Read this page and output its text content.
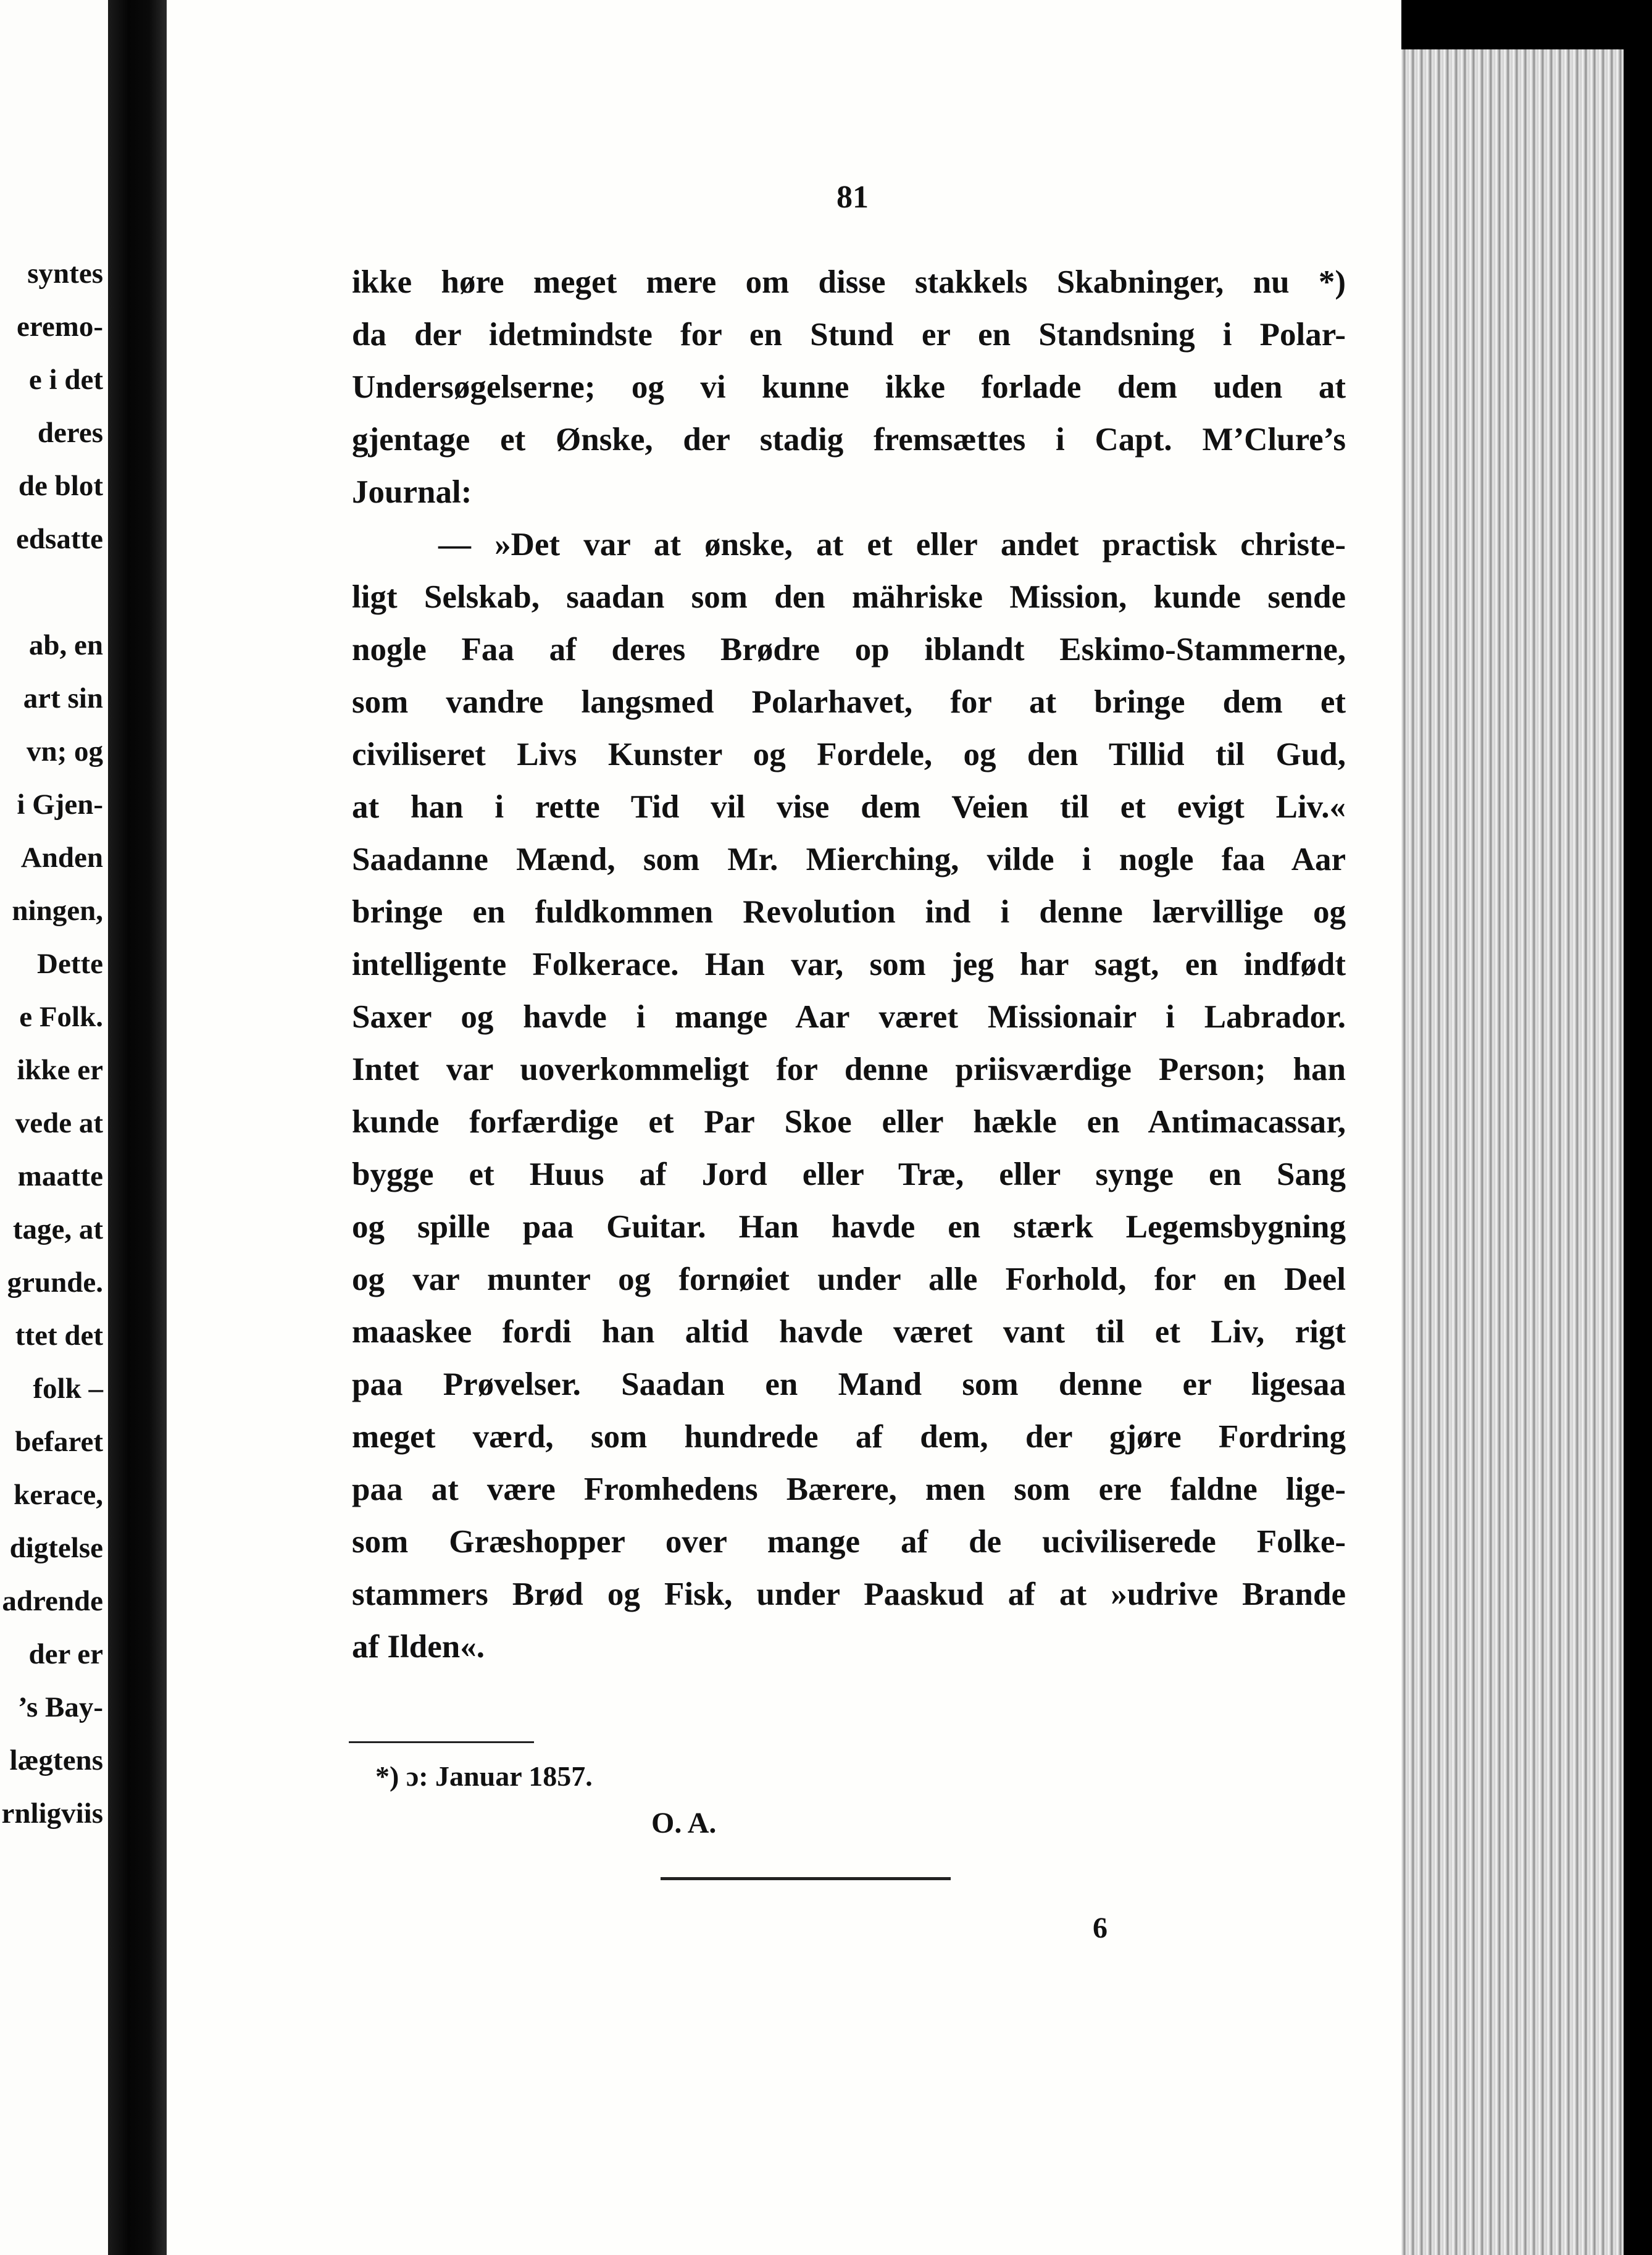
syntes
eremo-
e i det
deres
de blot
edsatte
ab, en
art sin
vn; og
i Gjen-
Anden
ningen,
Dette
e Folk.
ikke er
vede at
maatte
tage, at
grunde.
ttet det
folk –
befaret
kerace,
digtelse
adrende
der er
’s Bay-
lægtens
rnligviis
81
ikke høre meget mere om disse stakkels Skabninger, nu *)
da der idetmindste for en Stund er en Standsning i Polar-
Undersøgelserne; og vi kunne ikke forlade dem uden at
gjentage et Ønske, der stadig fremsættes i Capt. M’Clure’s
Journal:
— »Det var at ønske, at et eller andet practisk christe-
ligt Selskab, saadan som den mähriske Mission, kunde sende
nogle Faa af deres Brødre op iblandt Eskimo-Stammerne,
som vandre langsmed Polarhavet, for at bringe dem et
civiliseret Livs Kunster og Fordele, og den Tillid til Gud,
at han i rette Tid vil vise dem Veien til et evigt Liv.«
Saadanne Mænd, som Mr. Mierching, vilde i nogle faa Aar
bringe en fuldkommen Revolution ind i denne lærvillige og
intelligente Folkerace. Han var, som jeg har sagt, en indfødt
Saxer og havde i mange Aar været Missionair i Labrador.
Intet var uoverkommeligt for denne priisværdige Person; han
kunde forfærdige et Par Skoe eller hækle en Antimacassar,
bygge et Huus af Jord eller Træ, eller synge en Sang
og spille paa Guitar. Han havde en stærk Legemsbygning
og var munter og fornøiet under alle Forhold, for en Deel
maaskee fordi han altid havde været vant til et Liv, rigt
paa Prøvelser. Saadan en Mand som denne er ligesaa
meget værd, som hundrede af dem, der gjøre Fordring
paa at være Fromhedens Bærere, men som ere faldne lige-
som Græshopper over mange af de uciviliserede Folke-
stammers Brød og Fisk, under Paaskud af at »udrive Brande
af Ilden«.
*) ɔ: Januar 1857.
O. A.
6
